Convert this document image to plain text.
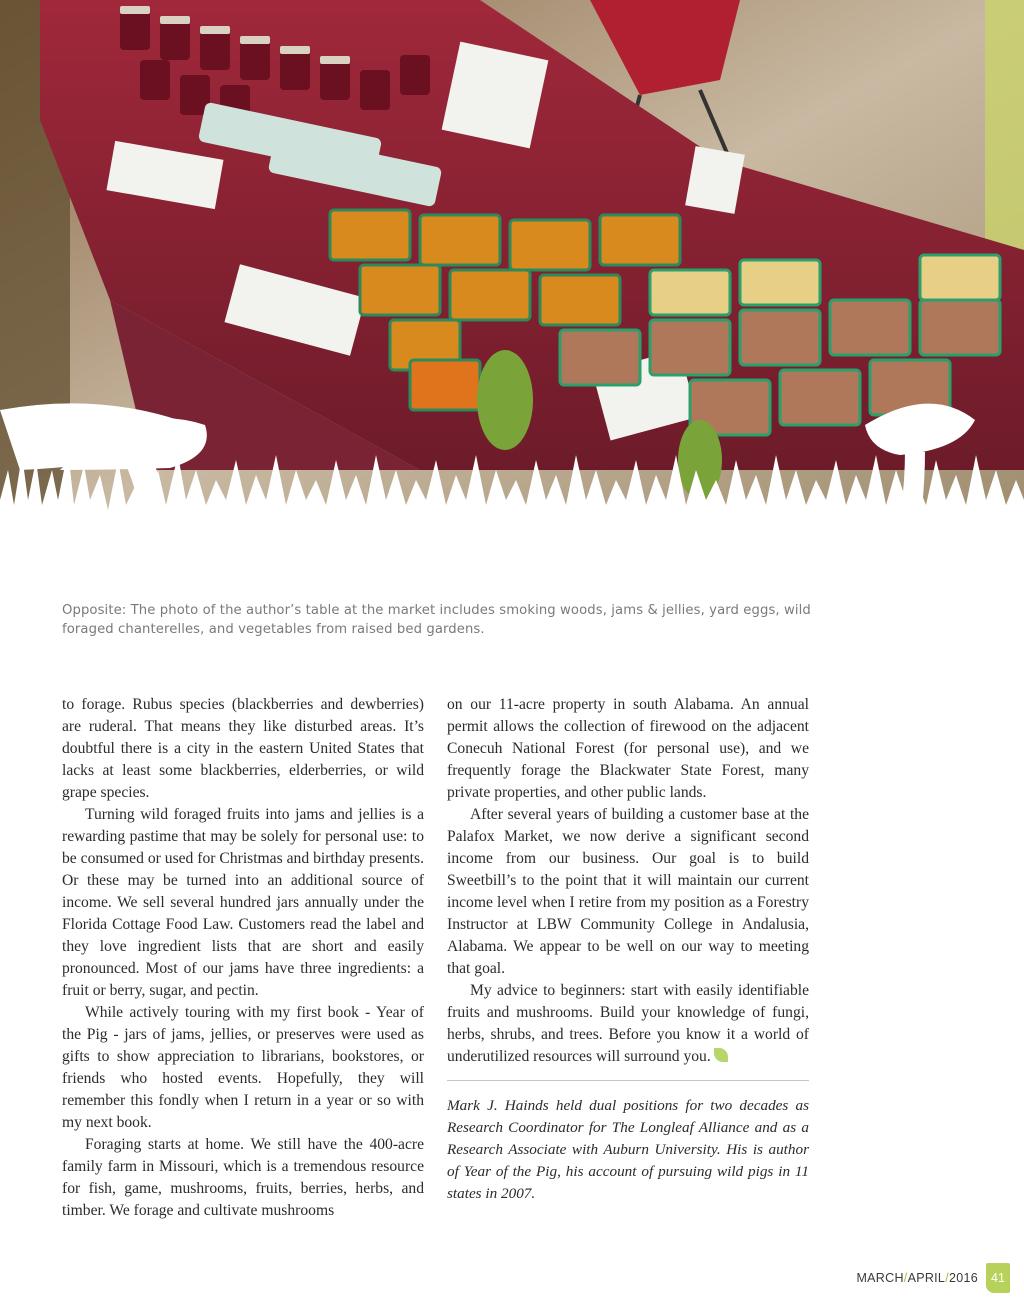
Opposite: The photo of the author’s table at the market includes smoking woods, jams & jellies, yard eggs, wild foraged chanterelles, and vegetables from raised bed gardens.

to forage. Rubus species (blackberries and dewberries) are ruderal. That means they like disturbed areas. It’s doubtful there is a city in the eastern United States that lacks at least some blackberries, elderberries, or wild grape species.

Turning wild foraged fruits into jams and jellies is a rewarding pastime that may be solely for personal use: to be consumed or used for Christmas and birthday presents. Or these may be turned into an additional source of income. We sell several hundred jars annually under the Florida Cottage Food Law. Customers read the label and they love ingredient lists that are short and easily pronounced. Most of our jams have three ingredients: a fruit or berry, sugar, and pectin.

While actively touring with my first book - Year of the Pig - jars of jams, jellies, or preserves were used as gifts to show appreciation to librarians, bookstores, or friends who hosted events. Hopefully, they will remember this fondly when I return in a year or so with my next book.

Foraging starts at home. We still have the 400-acre family farm in Missouri, which is a tremendous resource for fish, game, mushrooms, fruits, berries, herbs, and timber. We forage and cultivate mushrooms

on our 11-acre property in south Alabama. An annual permit allows the collection of firewood on the adjacent Conecuh National Forest (for personal use), and we frequently forage the Blackwater State Forest, many private properties, and other public lands.

After several years of building a customer base at the Palafox Market, we now derive a significant second income from our business. Our goal is to build Sweetbill’s to the point that it will maintain our current income level when I retire from my position as a Forestry Instructor at LBW Community College in Andalusia, Alabama. We appear to be well on our way to meeting that goal.

My advice to beginners: start with easily identifiable fruits and mushrooms. Build your knowledge of fungi, herbs, shrubs, and trees. Before you know it a world of underutilized resources will surround you.

Mark J. Hainds held dual positions for two decades as Research Coordinator for The Longleaf Alliance and as a Research Associate with Auburn University. His is author of Year of the Pig, his account of pursuing wild pigs in 11 states in 2007.

MARCH/APRIL/2016	41
